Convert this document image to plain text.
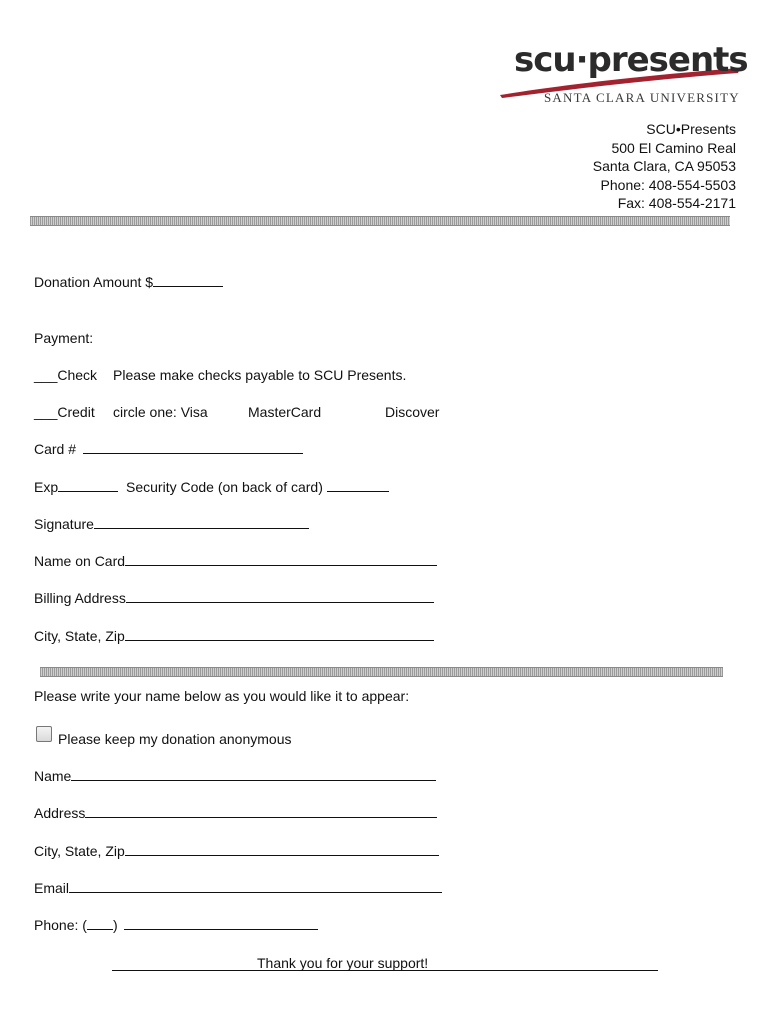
scu·presents
SANTA CLARA UNIVERSITY
SCU•Presents
500 El Camino Real
Santa Clara, CA 95053
Phone: 408-554-5503
Fax: 408-554-2171
Donation Amount $
Payment:
___Check Please make checks payable to SCU Presents.
___Credit circle one: Visa	MasterCard	Discover
Card #
Exp	Security Code (on back of card)
Signature
Name on Card
Billing Address
City, State, Zip
Please write your name below as you would like it to appear:
Please keep my donation anonymous
Name
Address
City, State, Zip
Email
Phone: ( )
Thank you for your support!
